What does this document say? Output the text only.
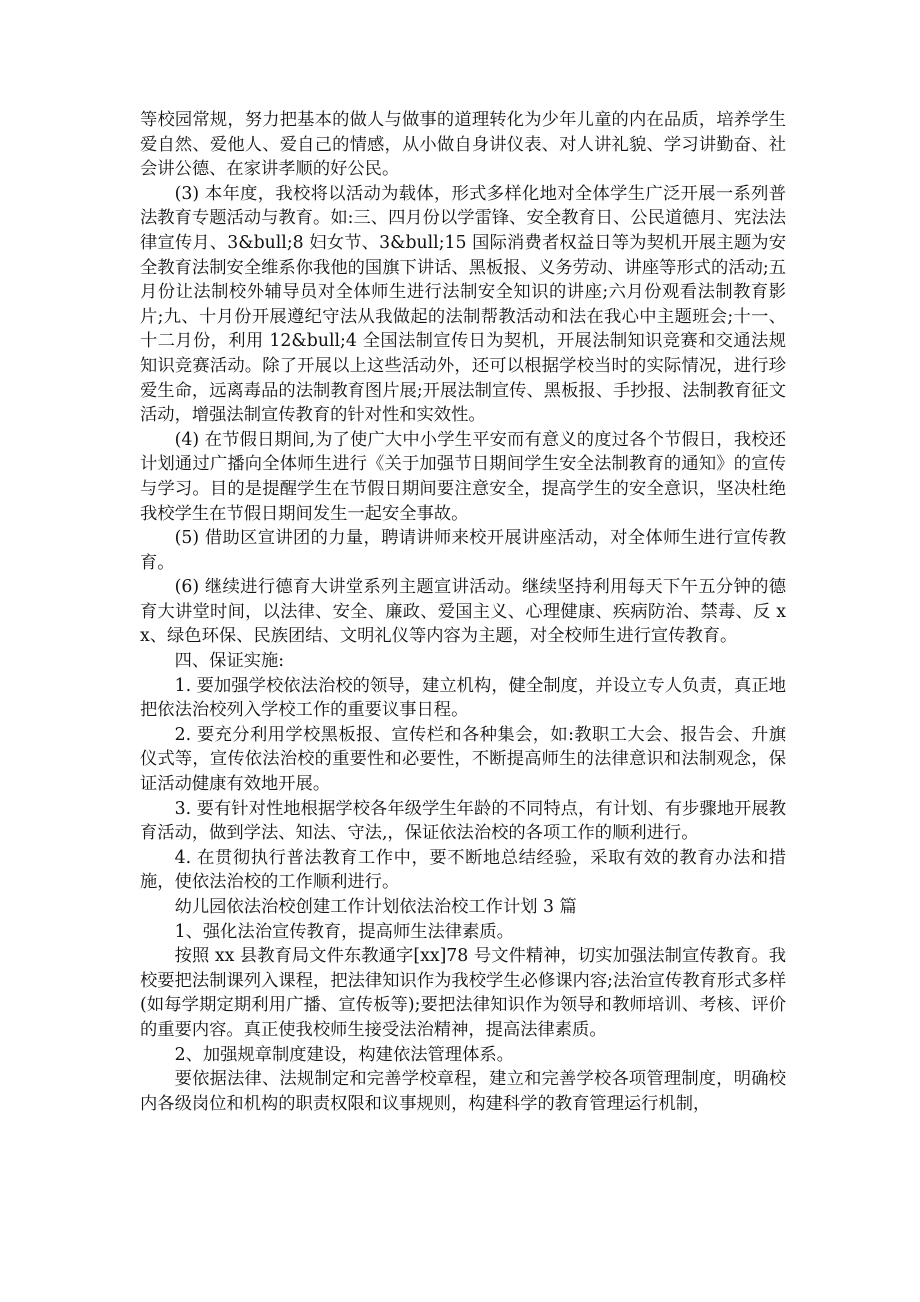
等校园常规，努力把基本的做人与做事的道理转化为少年儿童的内在品质，培养学生爱自然、爱他人、爱自己的情感，从小做自身讲仪表、对人讲礼貌、学习讲勤奋、社会讲公德、在家讲孝顺的好公民。

(3) 本年度，我校将以活动为载体，形式多样化地对全体学生广泛开展一系列普法教育专题活动与教育。如:三、四月份以学雷锋、安全教育日、公民道德月、宪法法律宣传月、3&bull;8 妇女节、3&bull;15 国际消费者权益日等为契机开展主题为安全教育法制安全维系你我他的国旗下讲话、黑板报、义务劳动、讲座等形式的活动;五月份让法制校外辅导员对全体师生进行法制安全知识的讲座;六月份观看法制教育影片;九、十月份开展遵纪守法从我做起的法制帮教活动和法在我心中主题班会;十一、十二月份，利用 12&bull;4 全国法制宣传日为契机，开展法制知识竞赛和交通法规知识竞赛活动。除了开展以上这些活动外，还可以根据学校当时的实际情况，进行珍爱生命，远离毒品的法制教育图片展;开展法制宣传、黑板报、手抄报、法制教育征文活动，增强法制宣传教育的针对性和实效性。

(4) 在节假日期间,为了使广大中小学生平安而有意义的度过各个节假日，我校还计划通过广播向全体师生进行《关于加强节日期间学生安全法制教育的通知》的宣传与学习。目的是提醒学生在节假日期间要注意安全，提高学生的安全意识，坚决杜绝我校学生在节假日期间发生一起安全事故。

(5) 借助区宣讲团的力量，聘请讲师来校开展讲座活动，对全体师生进行宣传教育。

(6) 继续进行德育大讲堂系列主题宣讲活动。继续坚持利用每天下午五分钟的德育大讲堂时间，以法律、安全、廉政、爱国主义、心理健康、疾病防治、禁毒、反 xx、绿色环保、民族团结、文明礼仪等内容为主题，对全校师生进行宣传教育。

四、保证实施:

1. 要加强学校依法治校的领导，建立机构，健全制度，并设立专人负责，真正地把依法治校列入学校工作的重要议事日程。

2. 要充分利用学校黑板报、宣传栏和各种集会，如:教职工大会、报告会、升旗仪式等，宣传依法治校的重要性和必要性，不断提高师生的法律意识和法制观念，保证活动健康有效地开展。

3. 要有针对性地根据学校各年级学生年龄的不同特点，有计划、有步骤地开展教育活动，做到学法、知法、守法,，保证依法治校的各项工作的顺利进行。

4. 在贯彻执行普法教育工作中，要不断地总结经验，采取有效的教育办法和措施，使依法治校的工作顺利进行。

幼儿园依法治校创建工作计划依法治校工作计划 3 篇

1、强化法治宣传教育，提高师生法律素质。

按照 xx 县教育局文件东教通字[xx]78 号文件精神，切实加强法制宣传教育。我校要把法制课列入课程，把法律知识作为我校学生必修课内容;法治宣传教育形式多样(如每学期定期利用广播、宣传板等);要把法律知识作为领导和教师培训、考核、评价的重要内容。真正使我校师生接受法治精神，提高法律素质。

2、加强规章制度建设，构建依法管理体系。

要依据法律、法规制定和完善学校章程，建立和完善学校各项管理制度，明确校内各级岗位和机构的职责权限和议事规则，构建科学的教育管理运行机制，
